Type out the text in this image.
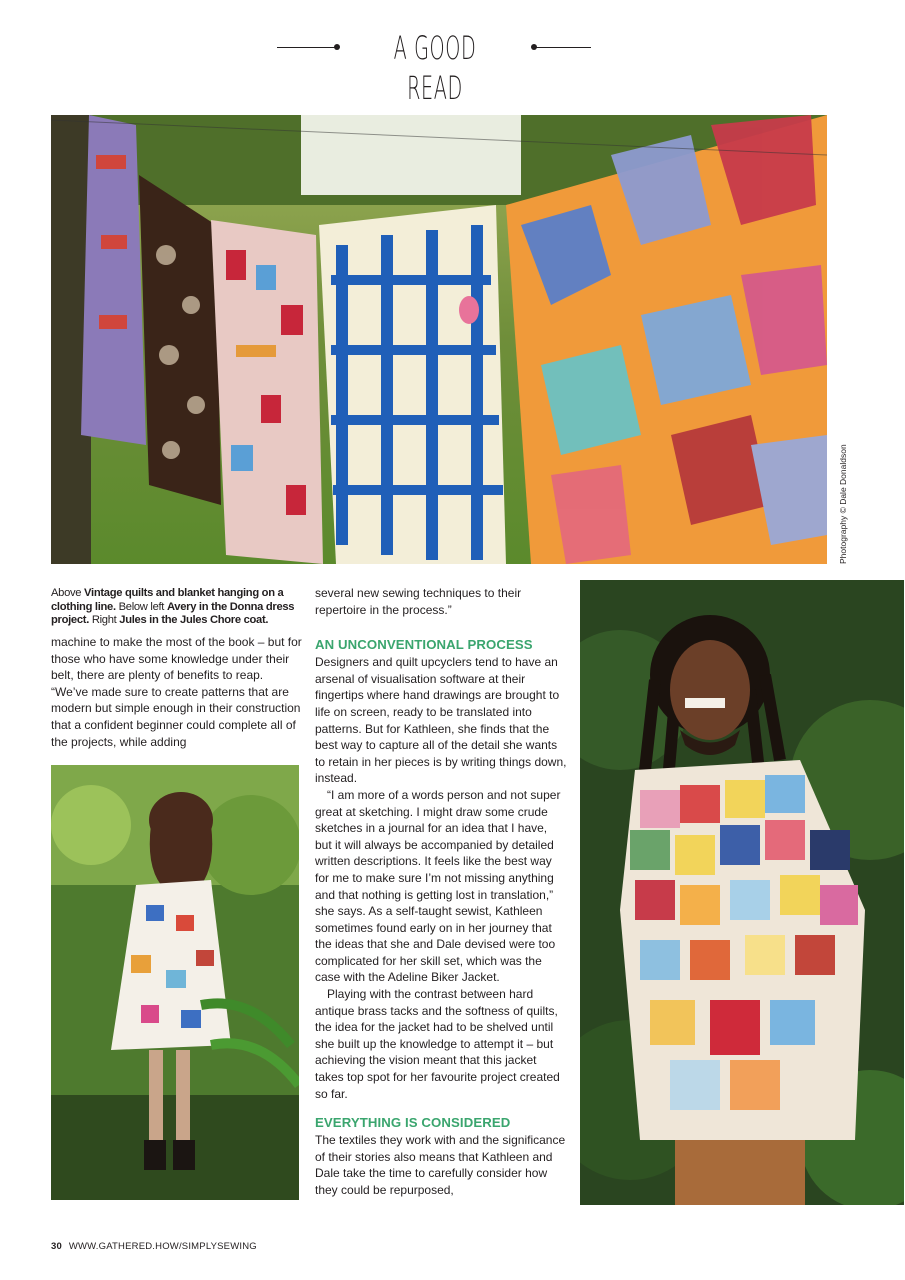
A GOOD READ
Photography © Dale Donaldson
Above Vintage quilts and blanket hanging on a clothing line. Below left Avery in the Donna dress project. Right Jules in the Jules Chore coat.

machine to make the most of the book – but for those who have some knowledge under their belt, there are plenty of benefits to reap. “We’ve made sure to create patterns that are modern but simple enough in their construction that a confident beginner could complete all of the projects, while adding

several new sewing techniques to their repertoire in the process.”

AN UNCONVENTIONAL PROCESS

Designers and quilt upcyclers tend to have an arsenal of visualisation software at their fingertips where hand drawings are brought to life on screen, ready to be translated into patterns. But for Kathleen, she finds that the best way to capture all of the detail she wants to retain in her pieces is by writing things down, instead.

“I am more of a words person and not super great at sketching. I might draw some crude sketches in a journal for an idea that I have, but it will always be accompanied by detailed written descriptions. It feels like the best way for me to make sure I’m not missing anything and that nothing is getting lost in translation,” she says. As a self-taught sewist, Kathleen sometimes found early on in her journey that the ideas that she and Dale devised were too complicated for her skill set, which was the case with the Adeline Biker Jacket.

Playing with the contrast between hard antique brass tacks and the softness of quilts, the idea for the jacket had to be shelved until she built up the knowledge to attempt it – but achieving the vision meant that this jacket takes top spot for her favourite project created so far.

EVERYTHING IS CONSIDERED

The textiles they work with and the significance of their stories also means that Kathleen and Dale take the time to carefully consider how they could be repurposed,

30 WWW.GATHERED.HOW/SIMPLYSEWING
